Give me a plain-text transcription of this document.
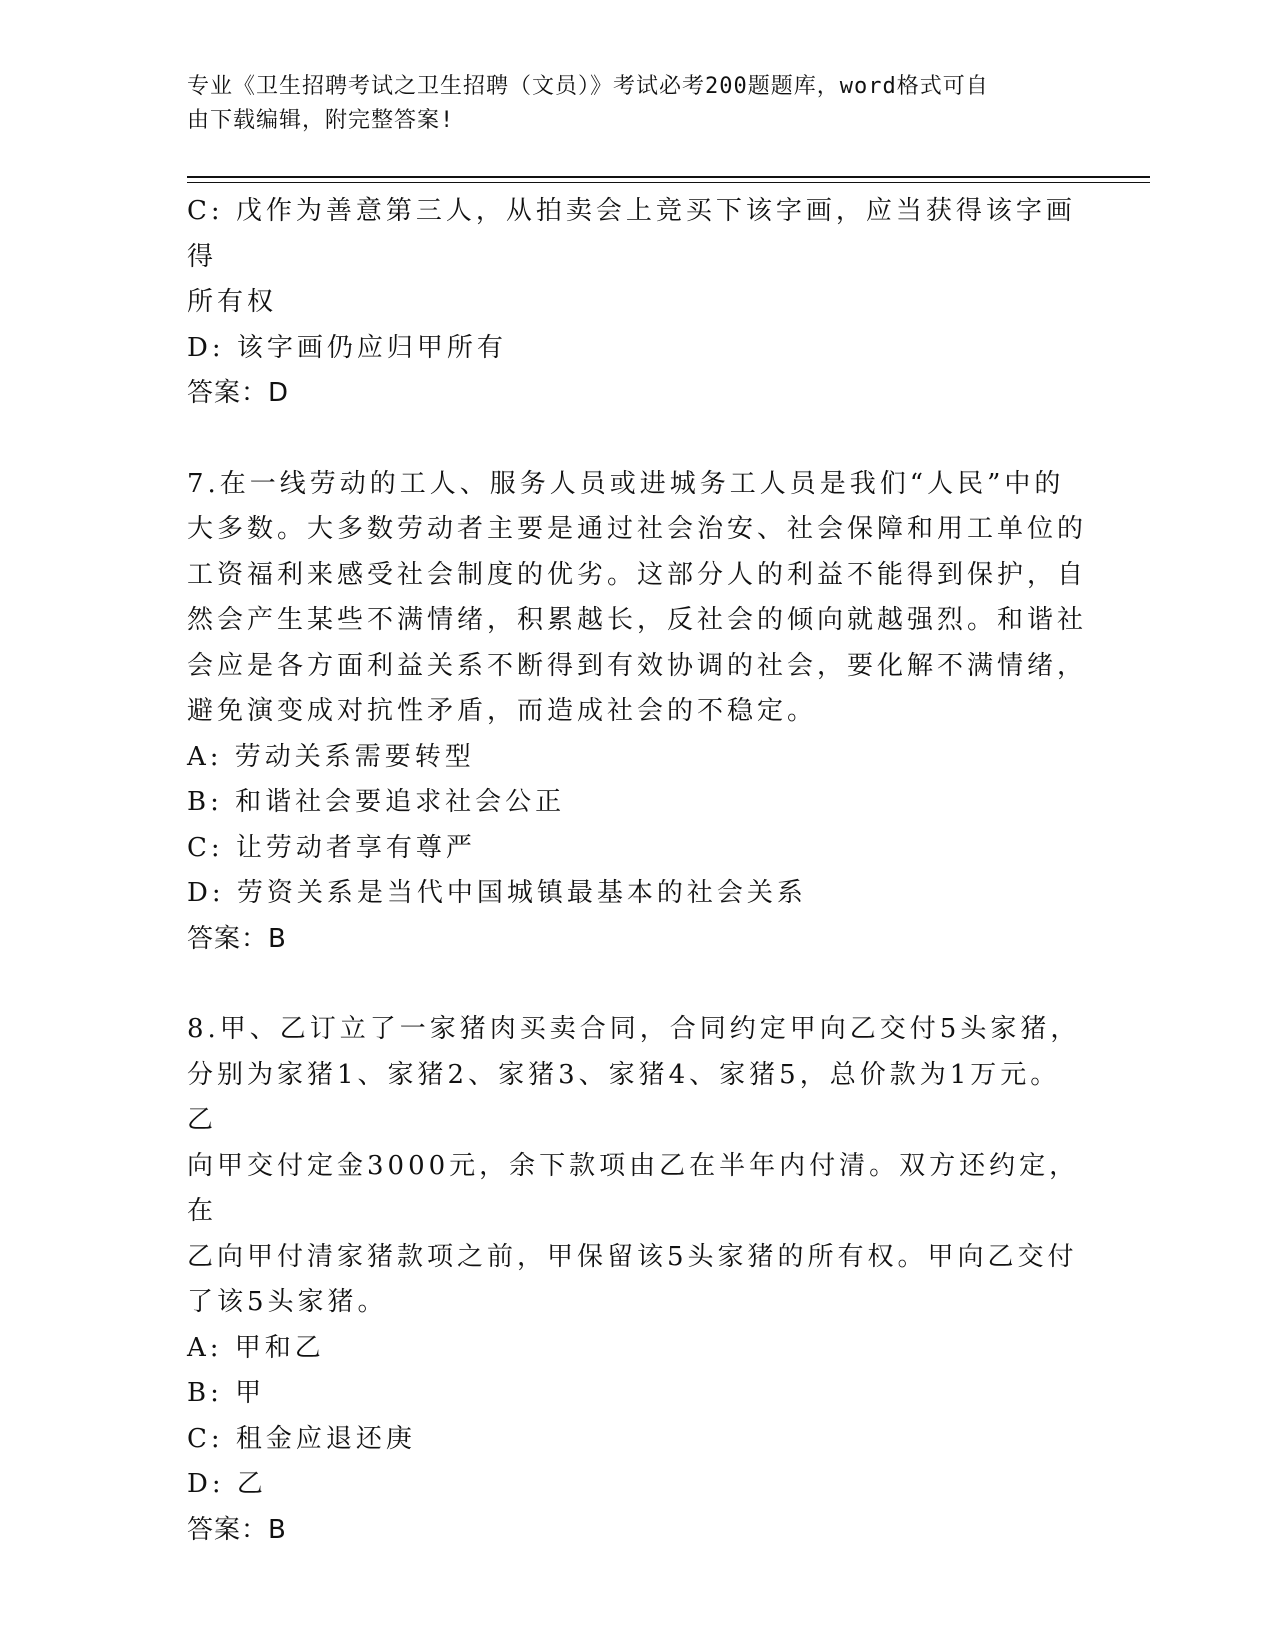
专业《卫生招聘考试之卫生招聘（文员）》考试必考200题题库，word格式可自
由下载编辑，附完整答案!
C: 戊作为善意第三人，从拍卖会上竞买下该字画，应当获得该字画得
所有权
D: 该字画仍应归甲所有
答案：D
7.在一线劳动的工人、服务人员或进城务工人员是我们“人民”中的
大多数。大多数劳动者主要是通过社会治安、社会保障和用工单位的
工资福利来感受社会制度的优劣。这部分人的利益不能得到保护，自
然会产生某些不满情绪，积累越长，反社会的倾向就越强烈。和谐社
会应是各方面利益关系不断得到有效协调的社会，要化解不满情绪，
避免演变成对抗性矛盾，而造成社会的不稳定。
A: 劳动关系需要转型
B: 和谐社会要追求社会公正
C: 让劳动者享有尊严
D: 劳资关系是当代中国城镇最基本的社会关系
答案：B
8.甲、乙订立了一家猪肉买卖合同，合同约定甲向乙交付5头家猪，
分别为家猪1、家猪2、家猪3、家猪4、家猪5，总价款为1万元。乙
向甲交付定金3000元，余下款项由乙在半年内付清。双方还约定，在
乙向甲付清家猪款项之前，甲保留该5头家猪的所有权。甲向乙交付
了该5头家猪。
A: 甲和乙
B: 甲
C: 租金应退还庚
D: 乙
答案：B
